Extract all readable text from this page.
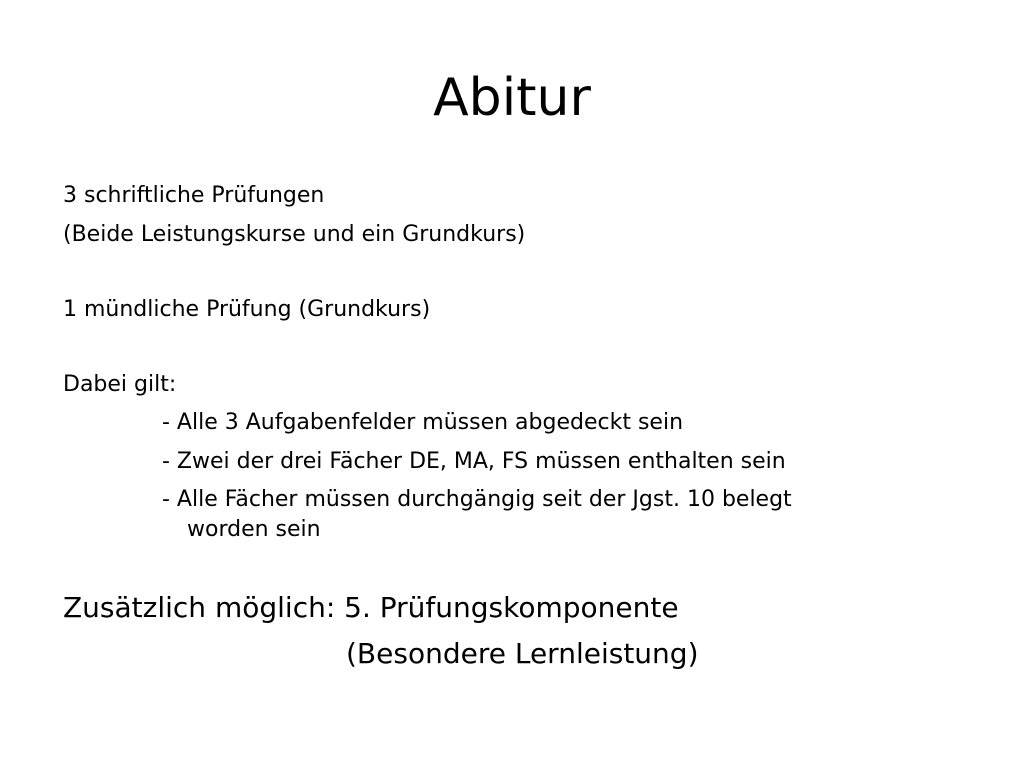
Abitur
3 schriftliche Prüfungen
(Beide Leistungskurse und ein Grundkurs)
1 mündliche Prüfung (Grundkurs)
Dabei gilt:
- Alle 3 Aufgabenfelder müssen abgedeckt sein
- Zwei der drei Fächer DE, MA, FS müssen enthalten sein
- Alle Fächer müssen durchgängig seit der Jgst. 10 belegt
worden sein
Zusätzlich möglich: 5. Prüfungskomponente
(Besondere Lernleistung)
